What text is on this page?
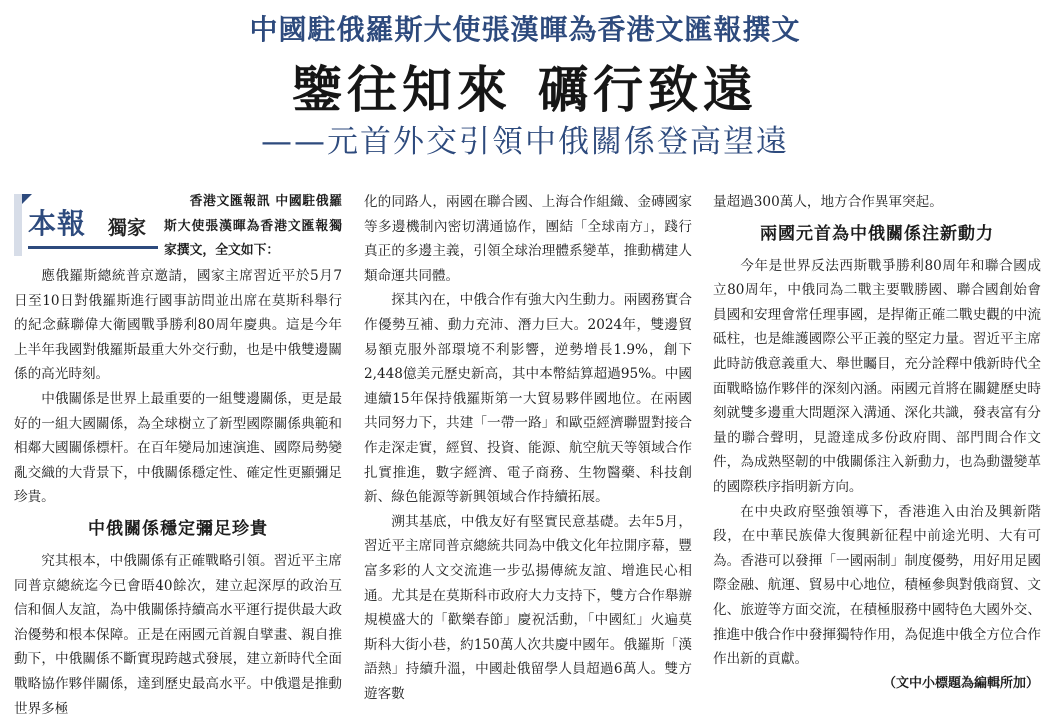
中國駐俄羅斯大使張漢暉為香港文匯報撰文
鑒往知來 礪行致遠
——元首外交引領中俄關係登高望遠
本報 獨家

香港文匯報訊 中國駐俄羅斯大使張漢暉為香港文匯報獨家撰文，全文如下：

應俄羅斯總統普京邀請，國家主席習近平於5月7日至10日對俄羅斯進行國事訪問並出席在莫斯科舉行的紀念蘇聯偉大衛國戰爭勝利80周年慶典。這是今年上半年我國對俄羅斯最重大外交行動，也是中俄雙邊關係的高光時刻。

中俄關係是世界上最重要的一組雙邊關係，更是最好的一組大國關係，為全球樹立了新型國際關係典範和相鄰大國關係標杆。在百年變局加速演進、國際局勢變亂交織的大背景下，中俄關係穩定性、確定性更顯彌足珍貴。

中俄關係穩定彌足珍貴

究其根本，中俄關係有正確戰略引領。習近平主席同普京總統迄今已會晤40餘次，建立起深厚的政治互信和個人友誼，為中俄關係持續高水平運行提供最大政治優勢和根本保障。正是在兩國元首親自擘畫、親自推動下，中俄關係不斷實現跨越式發展，建立新時代全面戰略協作夥伴關係，達到歷史最高水平。中俄還是推動世界多極

化的同路人，兩國在聯合國、上海合作組織、金磚國家等多邊機制內密切溝通協作，團結「全球南方」，踐行真正的多邊主義，引領全球治理體系變革，推動構建人類命運共同體。

探其內在，中俄合作有強大內生動力。兩國務實合作優勢互補、動力充沛、潛力巨大。2024年，雙邊貿易額克服外部環境不利影響，逆勢增長1.9%，創下2,448億美元歷史新高，其中本幣結算超過95%。中國連續15年保持俄羅斯第一大貿易夥伴國地位。在兩國共同努力下，共建「一帶一路」和歐亞經濟聯盟對接合作走深走實，經貿、投資、能源、航空航天等領域合作扎實推進，數字經濟、電子商務、生物醫藥、科技創新、綠色能源等新興領域合作持續拓展。

溯其基底，中俄友好有堅實民意基礎。去年5月，習近平主席同普京總統共同為中俄文化年拉開序幕，豐富多彩的人文交流進一步弘揚傳統友誼、增進民心相通。尤其是在莫斯科市政府大力支持下，雙方合作舉辦規模盛大的「歡樂春節」慶祝活動，「中國紅」火遍莫斯科大街小巷，約150萬人次共慶中國年。俄羅斯「漢語熱」持續升溫，中國赴俄留學人員超過6萬人。雙方遊客數

量超過300萬人，地方合作異軍突起。

兩國元首為中俄關係注新動力

今年是世界反法西斯戰爭勝利80周年和聯合國成立80周年，中俄同為二戰主要戰勝國、聯合國創始會員國和安理會常任理事國，是捍衛正確二戰史觀的中流砥柱，也是維護國際公平正義的堅定力量。習近平主席此時訪俄意義重大、舉世矚目，充分詮釋中俄新時代全面戰略協作夥伴的深刻內涵。兩國元首將在關鍵歷史時刻就雙多邊重大問題深入溝通、深化共識，發表富有分量的聯合聲明，見證達成多份政府間、部門間合作文件，為成熟堅韌的中俄關係注入新動力，也為動盪變革的國際秩序指明新方向。

在中央政府堅強領導下，香港進入由治及興新階段，在中華民族偉大復興新征程中前途光明、大有可為。香港可以發揮「一國兩制」制度優勢，用好用足國際金融、航運、貿易中心地位，積極參與對俄商貿、文化、旅遊等方面交流，在積極服務中國特色大國外交、推進中俄合作中發揮獨特作用，為促進中俄全方位合作作出新的貢獻。

（文中小標題為編輯所加）
